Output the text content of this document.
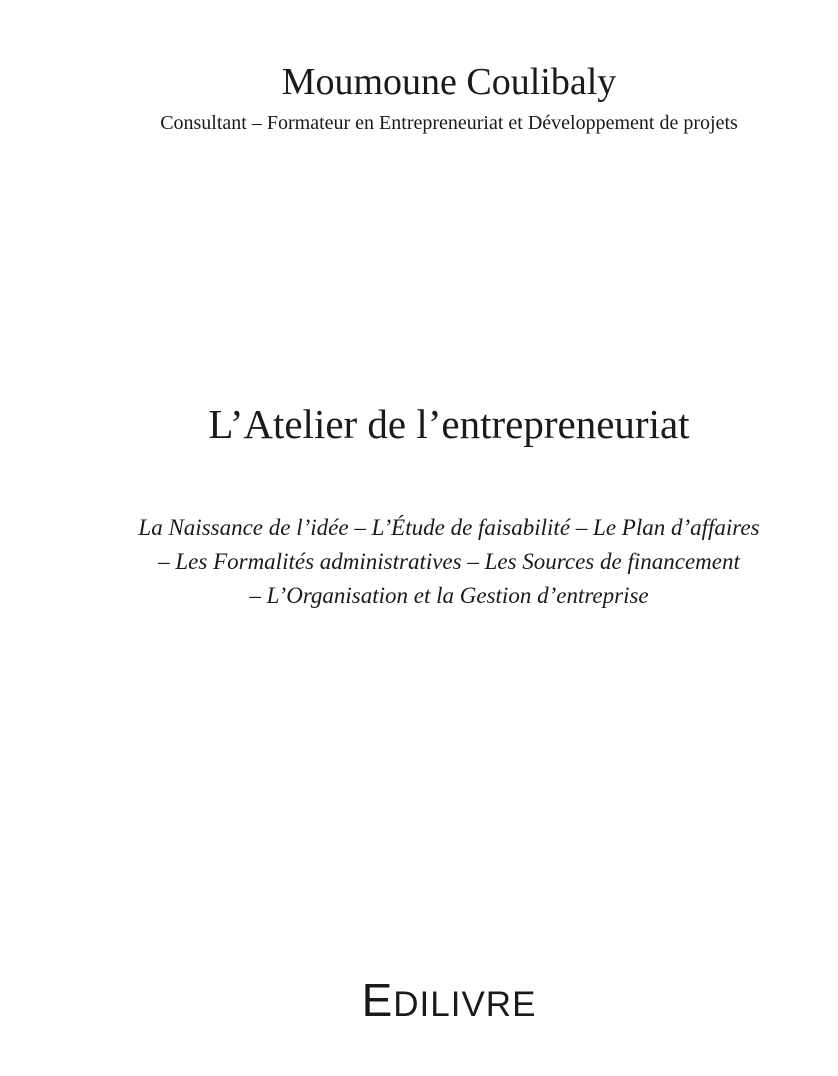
Moumoune Coulibaly

Consultant – Formateur en Entrepreneuriat et Développement de projets

L’Atelier de l’entrepreneuriat
La Naissance de l’idée – L’Étude de faisabilité – Le Plan d’affaires
– Les Formalités administratives – Les Sources de financement
– L’Organisation et la Gestion d’entreprise
EDILIVRE
